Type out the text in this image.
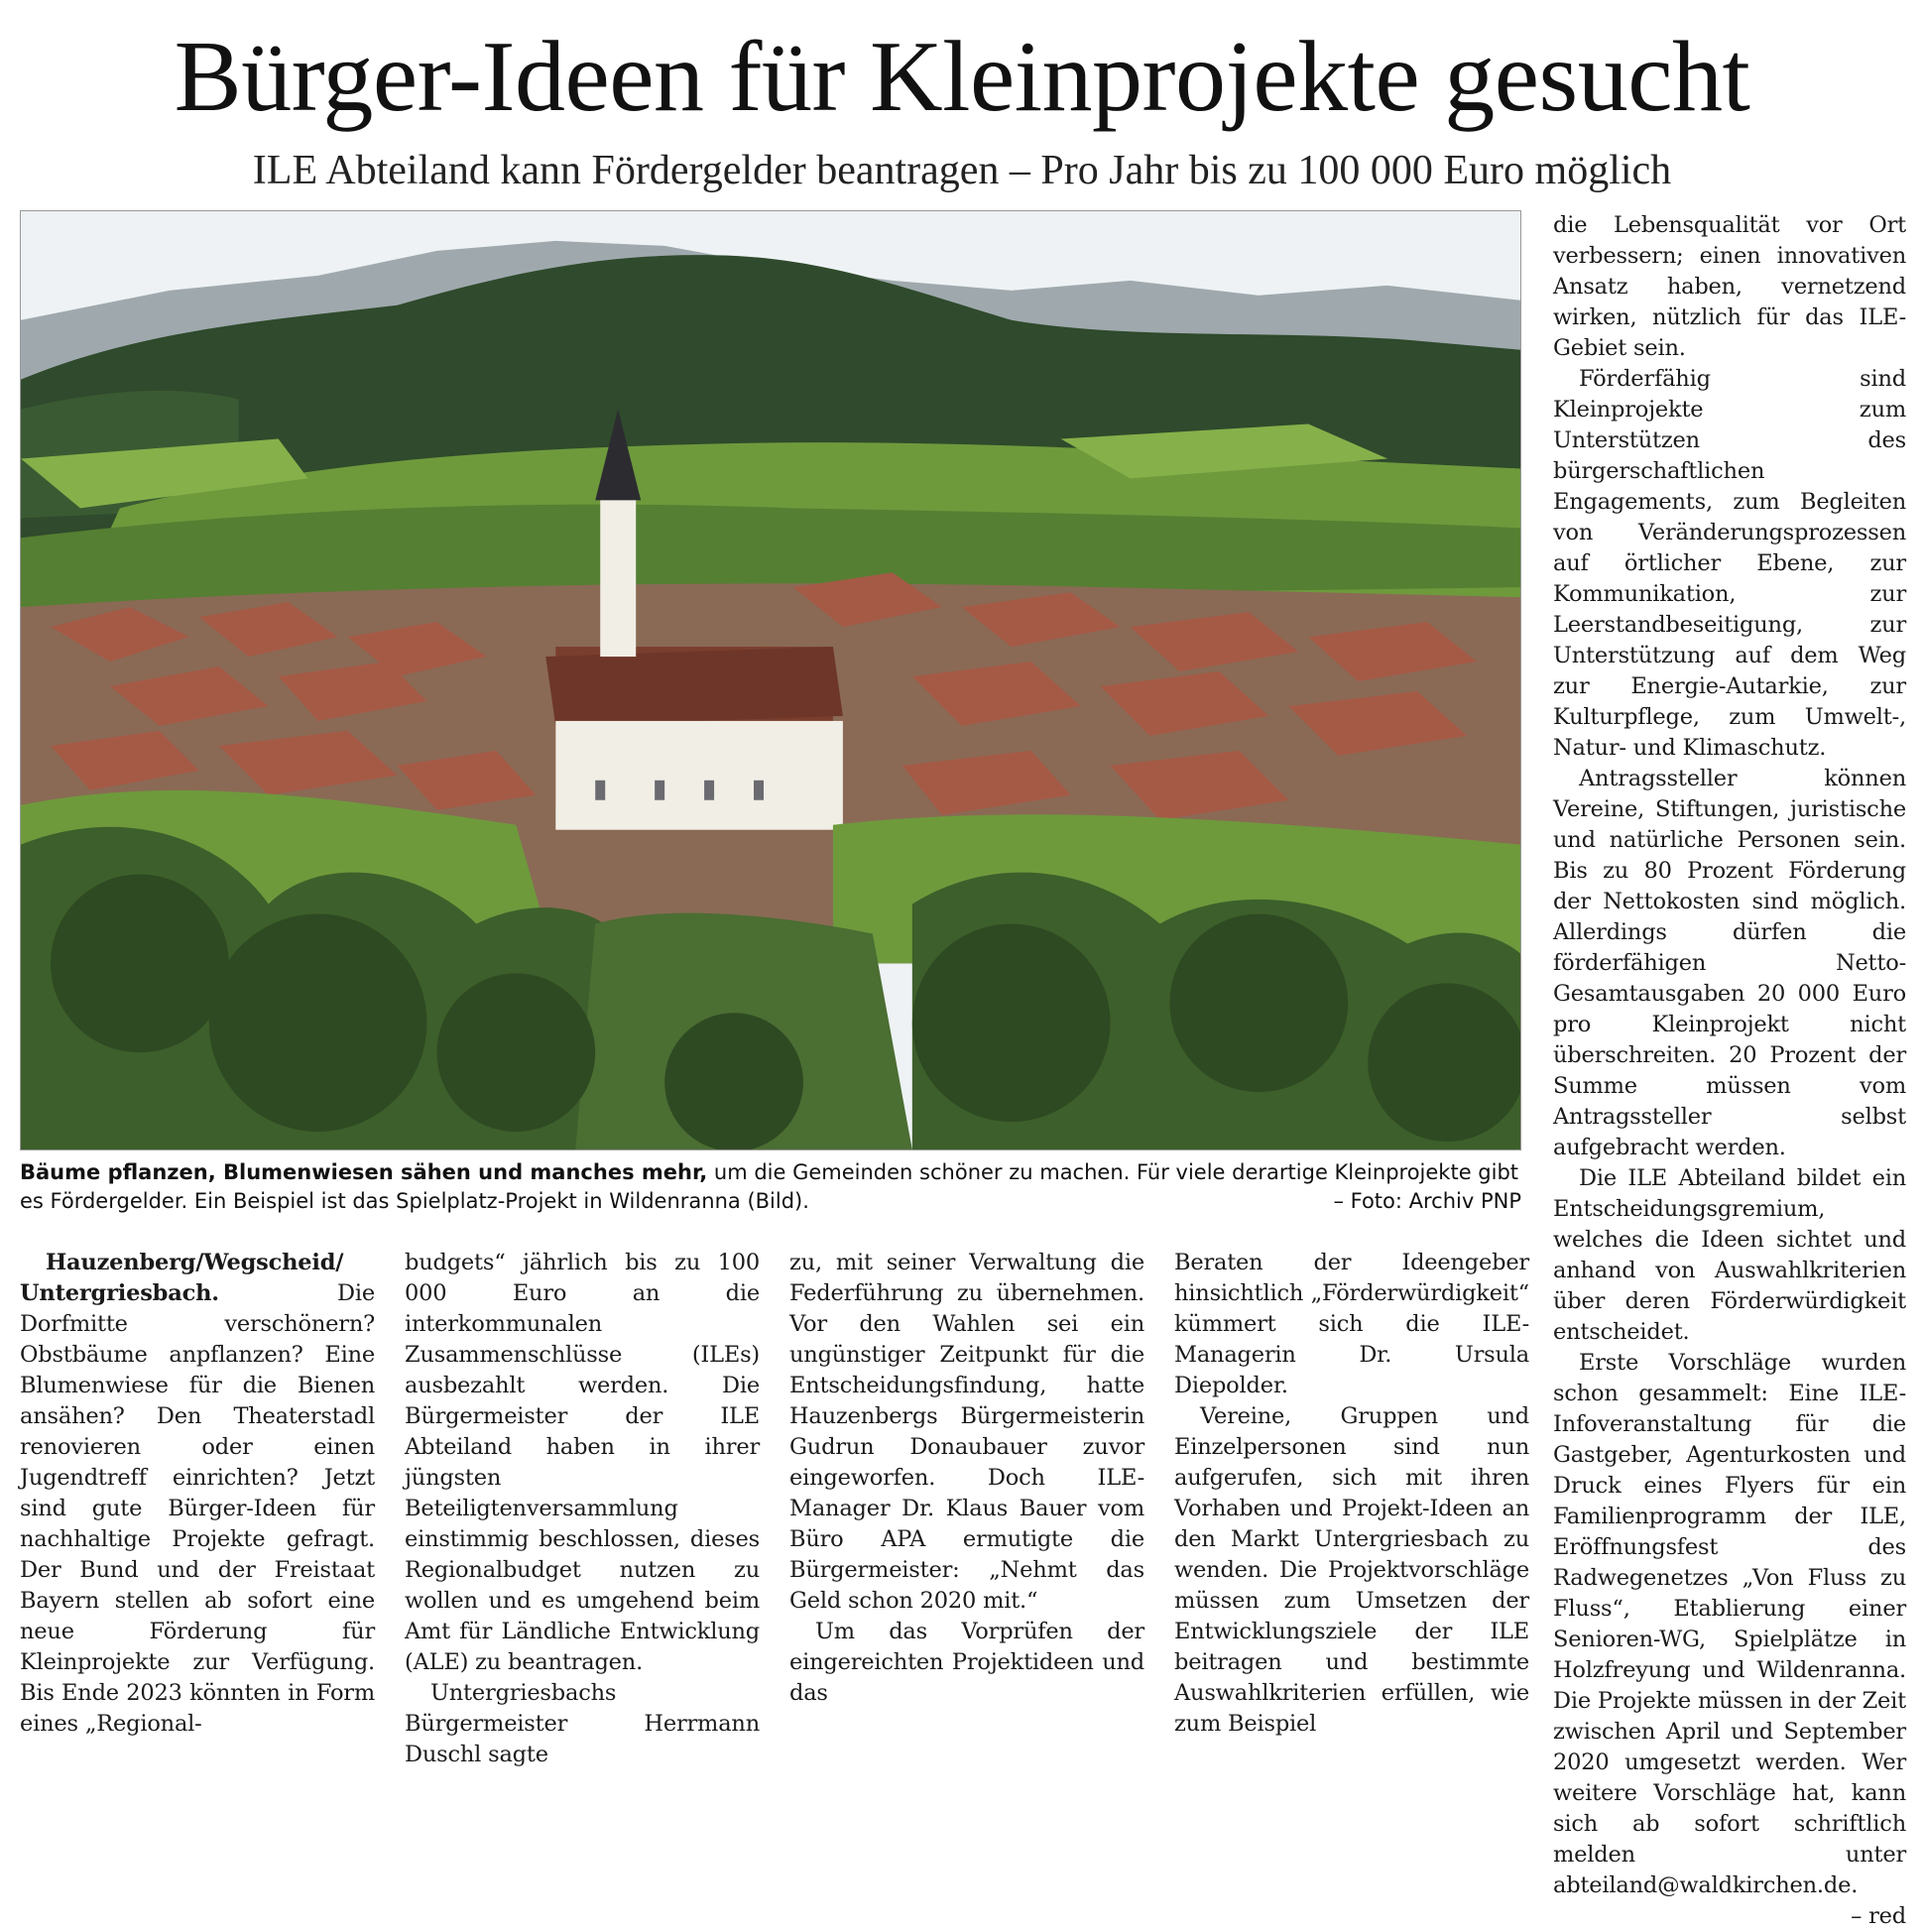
Bürger-Ideen für Kleinprojekte gesucht
ILE Abteiland kann Fördergelder beantragen – Pro Jahr bis zu 100 000 Euro möglich
Bäume pflanzen, Blumenwiesen sähen und manches mehr, um die Gemeinden schöner zu machen. Für viele derartige Kleinprojekte gibt es Fördergelder. Ein Beispiel ist das Spielplatz-Projekt in Wildenranna (Bild).	– Foto: Archiv PNP

die Lebensqualität vor Ort verbessern; einen innovativen Ansatz haben, vernetzend wirken, nützlich für das ILE-Gebiet sein.

Förderfähig sind Kleinprojekte zum Unterstützen des bürgerschaftlichen Engagements, zum Begleiten von Veränderungsprozessen auf örtlicher Ebene, zur Kommunikation, zur Leerstandbeseitigung, zur Unterstützung auf dem Weg zur Energie-Autarkie, zur Kulturpflege, zum Umwelt-, Natur- und Klimaschutz.

Antragssteller können Vereine, Stiftungen, juristische und natürliche Personen sein. Bis zu 80 Prozent Förderung der Nettokosten sind möglich. Allerdings dürfen die förderfähigen Netto-Gesamtausgaben 20 000 Euro pro Kleinprojekt nicht überschreiten. 20 Prozent der Summe müssen vom Antragssteller selbst aufgebracht werden.

Die ILE Abteiland bildet ein Entscheidungsgremium, welches die Ideen sichtet und anhand von Auswahlkriterien über deren Förderwürdigkeit entscheidet.

Erste Vorschläge wurden schon gesammelt: Eine ILE-Infoveranstaltung für die Gastgeber, Agenturkosten und Druck eines Flyers für ein Familienprogramm der ILE, Eröffnungsfest des Radwegenetzes „Von Fluss zu Fluss“, Etablierung einer Senioren-WG, Spielplätze in Holzfreyung und Wildenranna. Die Projekte müssen in der Zeit zwischen April und September 2020 umgesetzt werden. Wer weitere Vorschläge hat, kann sich ab sofort schriftlich melden unter abteiland@waldkirchen.de.
– red

Hauzenberg/Wegscheid/ Untergriesbach. Die Dorfmitte verschönern? Obstbäume anpflanzen? Eine Blumenwiese für die Bienen ansähen? Den Theaterstadl renovieren oder einen Jugendtreff einrichten? Jetzt sind gute Bürger-Ideen für nachhaltige Projekte gefragt. Der Bund und der Freistaat Bayern stellen ab sofort eine neue Förderung für Kleinprojekte zur Verfügung. Bis Ende 2023 könnten in Form eines „Regional-

budgets“ jährlich bis zu 100 000 Euro an die interkommunalen Zusammenschlüsse (ILEs) ausbezahlt werden. Die Bürgermeister der ILE Abteiland haben in ihrer jüngsten Beteiligtenversammlung einstimmig beschlossen, dieses Regionalbudget nutzen zu wollen und es umgehend beim Amt für Ländliche Entwicklung (ALE) zu beantragen.

Untergriesbachs Bürgermeister Herrmann Duschl sagte

zu, mit seiner Verwaltung die Federführung zu übernehmen. Vor den Wahlen sei ein ungünstiger Zeitpunkt für die Entscheidungsfindung, hatte Hauzenbergs Bürgermeisterin Gudrun Donaubauer zuvor eingeworfen. Doch ILE-Manager Dr. Klaus Bauer vom Büro APA ermutigte die Bürgermeister: „Nehmt das Geld schon 2020 mit.“

Um das Vorprüfen der eingereichten Projektideen und das

Beraten der Ideengeber hinsichtlich „Förderwürdigkeit“ kümmert sich die ILE-Managerin Dr. Ursula Diepolder.

Vereine, Gruppen und Einzelpersonen sind nun aufgerufen, sich mit ihren Vorhaben und Projekt-Ideen an den Markt Untergriesbach zu wenden. Die Projektvorschläge müssen zum Umsetzen der Entwicklungsziele der ILE beitragen und bestimmte Auswahlkriterien erfüllen, wie zum Beispiel
